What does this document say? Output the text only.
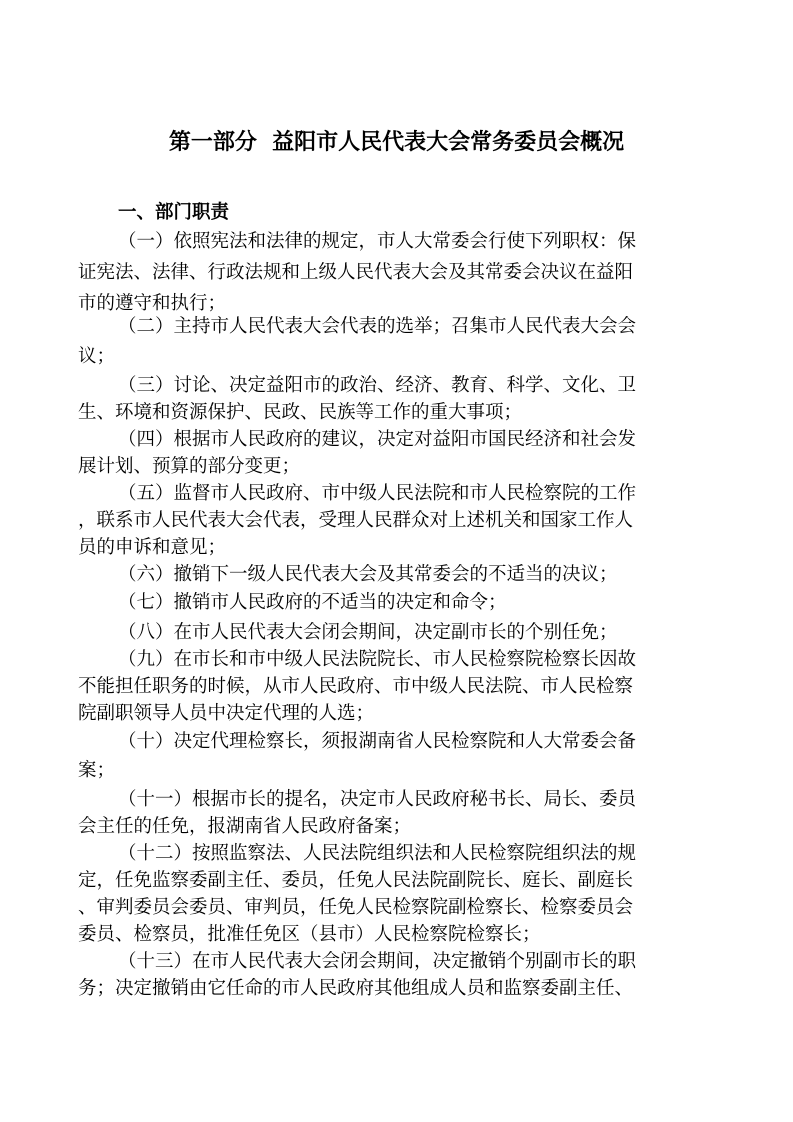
第一部分  益阳市人民代表大会常务委员会概况
一、部门职责
（一）依照宪法和法律的规定，市人大常委会行使下列职权：保
证宪法、法律、行政法规和上级人民代表大会及其常委会决议在益阳
市的遵守和执行；
（二）主持市人民代表大会代表的选举；召集市人民代表大会会
议；
（三）讨论、决定益阳市的政治、经济、教育、科学、文化、卫
生、环境和资源保护、民政、民族等工作的重大事项；
（四）根据市人民政府的建议，决定对益阳市国民经济和社会发
展计划、预算的部分变更；
（五）监督市人民政府、市中级人民法院和市人民检察院的工作
，联系市人民代表大会代表，受理人民群众对上述机关和国家工作人
员的申诉和意见；
（六）撤销下一级人民代表大会及其常委会的不适当的决议；
（七）撤销市人民政府的不适当的决定和命令；
（八）在市人民代表大会闭会期间，决定副市长的个别任免；
（九）在市长和市中级人民法院院长、市人民检察院检察长因故
不能担任职务的时候，从市人民政府、市中级人民法院、市人民检察
院副职领导人员中决定代理的人选；
（十）决定代理检察长，须报湖南省人民检察院和人大常委会备
案；
（十一）根据市长的提名，决定市人民政府秘书长、局长、委员
会主任的任免，报湖南省人民政府备案；
（十二）按照监察法、人民法院组织法和人民检察院组织法的规
定，任免监察委副主任、委员，任免人民法院副院长、庭长、副庭长
、审判委员会委员、审判员，任免人民检察院副检察长、检察委员会
委员、检察员，批准任免区（县市）人民检察院检察长；
（十三）在市人民代表大会闭会期间，决定撤销个别副市长的职
务；决定撤销由它任命的市人民政府其他组成人员和监察委副主任、
